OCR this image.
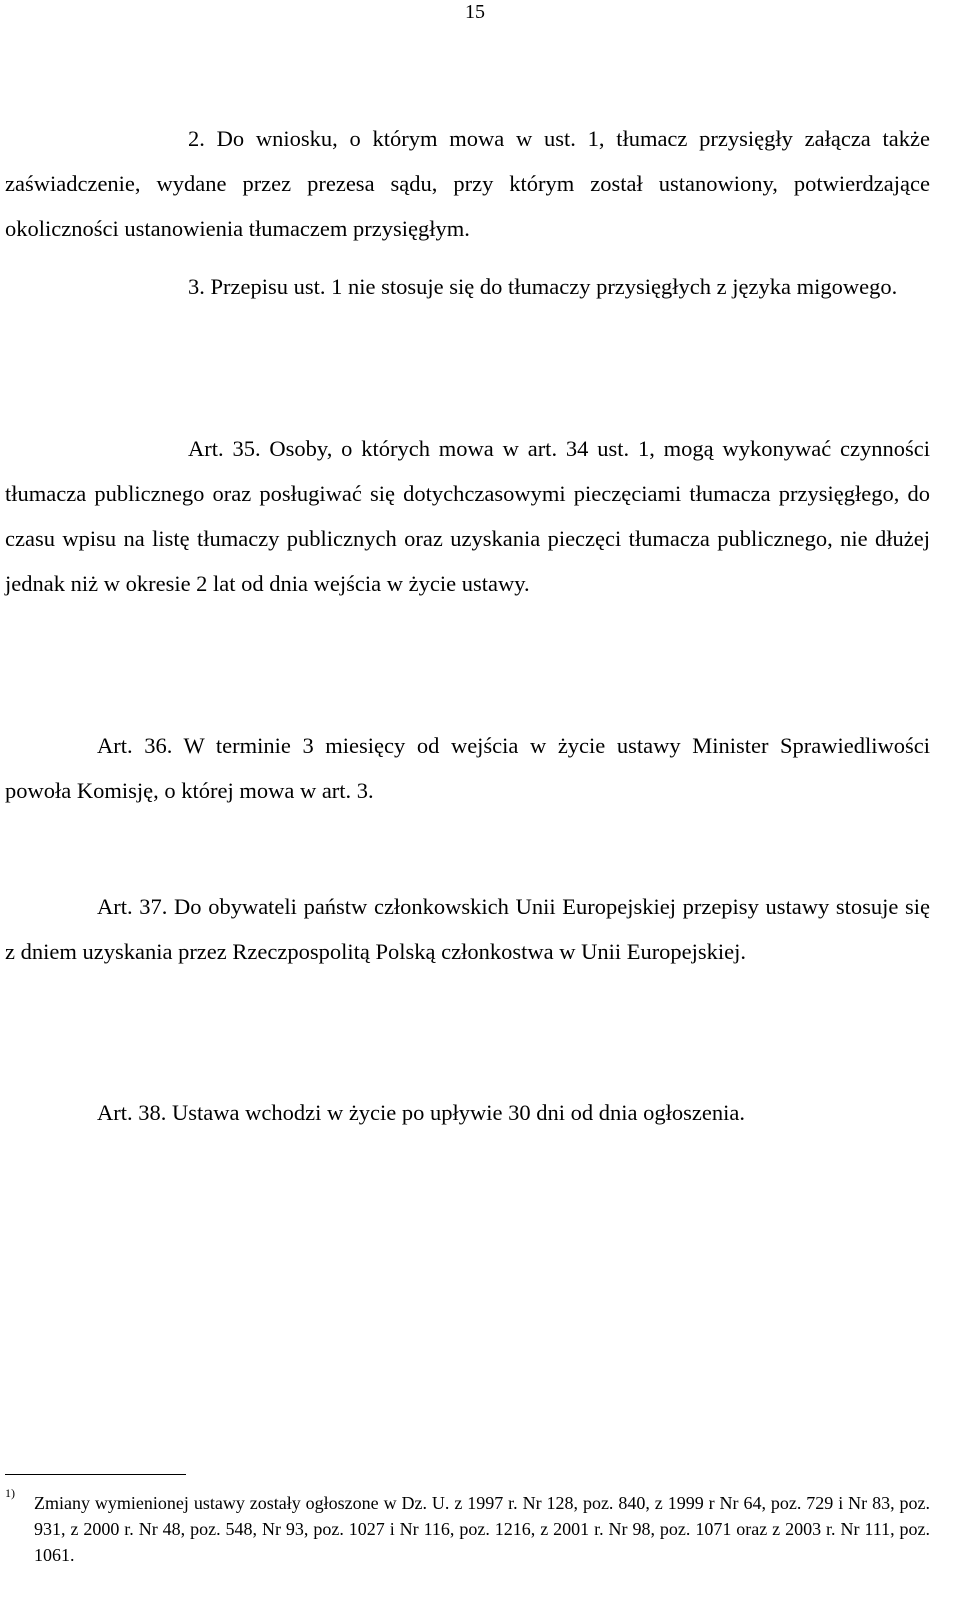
15

2. Do wniosku, o którym mowa w ust. 1, tłumacz przysięgły załącza także zaświadczenie, wydane przez prezesa sądu, przy którym został ustanowiony, potwierdzające okoliczności ustanowienia tłumaczem przysięgłym.

3. Przepisu ust. 1 nie stosuje się do tłumaczy przysięgłych z języka migowego.

Art. 35. Osoby, o których mowa w art. 34 ust. 1, mogą wykonywać czynności tłumacza publicznego oraz posługiwać się dotychczasowymi pieczęciami tłumacza przysięgłego, do czasu wpisu na listę tłumaczy publicznych oraz uzyskania pieczęci tłumacza publicznego, nie dłużej jednak niż w okresie 2 lat od dnia wejścia w życie ustawy.

Art. 36. W terminie 3 miesięcy od wejścia w życie ustawy Minister Sprawiedliwości powoła Komisję, o której mowa w art. 3.

Art. 37. Do obywateli państw członkowskich Unii Europejskiej przepisy ustawy stosuje się z dniem uzyskania przez Rzeczpospolitą Polską członkostwa w Unii Europejskiej.

Art. 38. Ustawa wchodzi w życie po upływie 30 dni od dnia ogłoszenia.

1)	Zmiany wymienionej ustawy zostały ogłoszone w Dz. U. z 1997 r. Nr 128, poz. 840, z 1999 r Nr 64, poz. 729 i Nr 83, poz. 931, z 2000 r. Nr 48, poz. 548, Nr 93, poz. 1027 i Nr 116, poz. 1216, z 2001 r. Nr 98, poz. 1071 oraz z 2003 r. Nr 111, poz. 1061.
